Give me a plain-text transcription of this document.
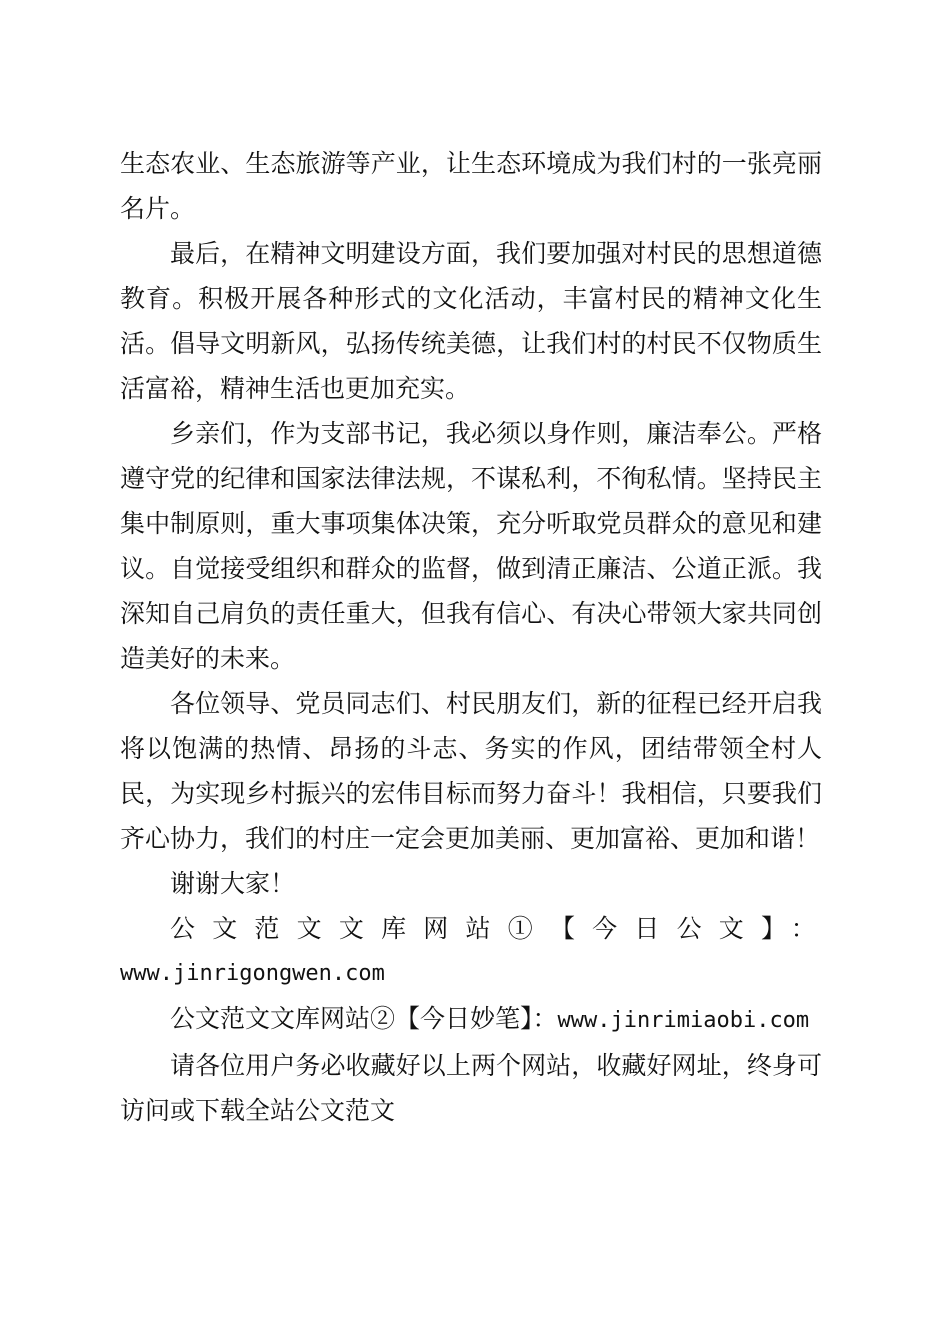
生态农业、生态旅游等产业，让生态环境成为我们村的一张亮丽名片。

最后，在精神文明建设方面，我们要加强对村民的思想道德教育。积极开展各种形式的文化活动，丰富村民的精神文化生活。倡导文明新风，弘扬传统美德，让我们村的村民不仅物质生活富裕，精神生活也更加充实。

乡亲们，作为支部书记，我必须以身作则，廉洁奉公。严格遵守党的纪律和国家法律法规，不谋私利，不徇私情。坚持民主集中制原则，重大事项集体决策，充分听取党员群众的意见和建议。自觉接受组织和群众的监督，做到清正廉洁、公道正派。我深知自己肩负的责任重大，但我有信心、有决心带领大家共同创造美好的未来。

各位领导、党员同志们、村民朋友们，新的征程已经开启我将以饱满的热情、昂扬的斗志、务实的作风，团结带领全村人民，为实现乡村振兴的宏伟目标而努力奋斗！我相信，只要我们齐心协力，我们的村庄一定会更加美丽、更加富裕、更加和谐！

谢谢大家！

公文范文文库网站①【今日公文】：
www.jinrigongwen.com

公文范文文库网站②【今日妙笔】：www.jinrimiaobi.com

请各位用户务必收藏好以上两个网站，收藏好网址，终身可访问或下载全站公文范文
